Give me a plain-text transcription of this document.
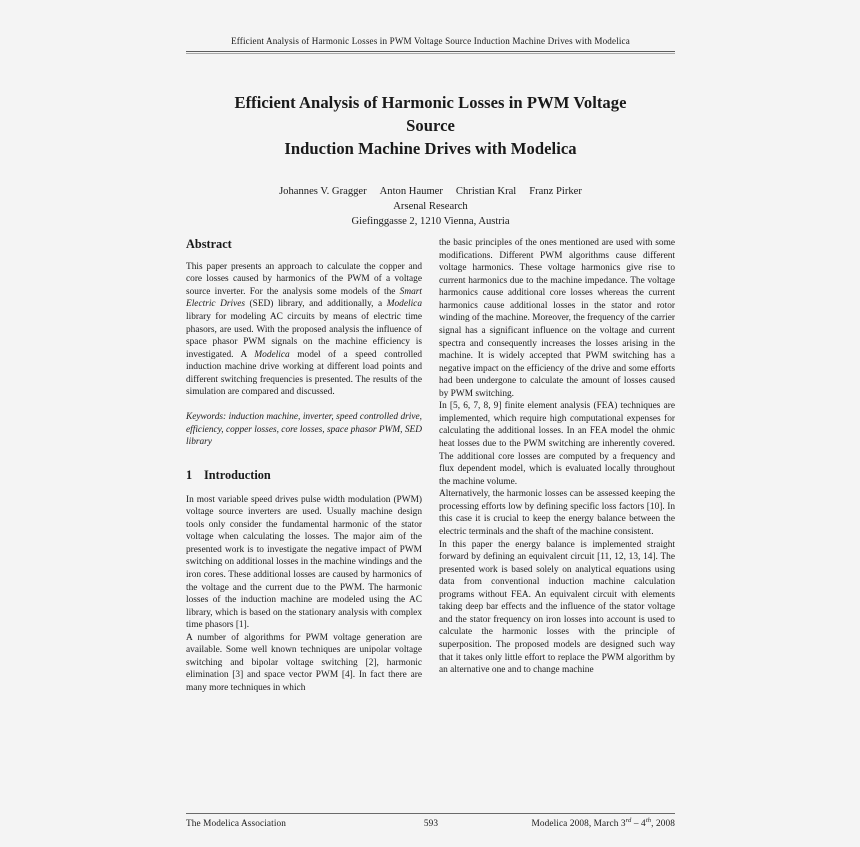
Efficient Analysis of Harmonic Losses in PWM Voltage Source Induction Machine Drives with Modelica
Efficient Analysis of Harmonic Losses in PWM Voltage Source
Induction Machine Drives with Modelica
Johannes V. Gragger Anton Haumer Christian Kral Franz Pirker
Arsenal Research
Giefinggasse 2, 1210 Vienna, Austria
Abstract

This paper presents an approach to calculate the copper and core losses caused by harmonics of the PWM of a voltage source inverter. For the analysis some models of the Smart Electric Drives (SED) library, and additionally, a Modelica library for modeling AC circuits by means of electric time phasors, are used. With the proposed analysis the influence of space phasor PWM signals on the machine efficiency is investigated. A Modelica model of a speed controlled induction machine drive working at different load points and different switching frequencies is presented. The results of the simulation are compared and discussed.

Keywords: induction machine, inverter, speed controlled drive, efficiency, copper losses, core losses, space phasor PWM, SED library

1 Introduction

In most variable speed drives pulse width modulation (PWM) voltage source inverters are used. Usually machine design tools only consider the fundamental harmonic of the stator voltage when calculating the losses. The major aim of the presented work is to investigate the negative impact of PWM switching on additional losses in the machine windings and the iron cores. These additional losses are caused by harmonics of the voltage and the current due to the PWM. The harmonic losses of the induction machine are modeled using the AC library, which is based on the stationary analysis with complex time phasors [1].

A number of algorithms for PWM voltage generation are available. Some well known techniques are unipolar voltage switching and bipolar voltage switching [2], harmonic elimination [3] and space vector PWM [4]. In fact there are many more techniques in which

the basic principles of the ones mentioned are used with some modifications. Different PWM algorithms cause different voltage harmonics. These voltage harmonics give rise to current harmonics due to the machine impedance. The voltage harmonics cause additional core losses whereas the current harmonics cause additional losses in the stator and rotor winding of the machine. Moreover, the frequency of the carrier signal has a significant influence on the voltage and current spectra and consequently increases the losses arising in the machine. It is widely accepted that PWM switching has a negative impact on the efficiency of the drive and some efforts had been undergone to calculate the amount of losses caused by PWM switching.

In [5, 6, 7, 8, 9] finite element analysis (FEA) techniques are implemented, which require high computational expenses for calculating the additional losses. In an FEA model the ohmic heat losses due to the PWM switching are inherently covered. The additional core losses are computed by a frequency and flux dependent model, which is evaluated locally throughout the machine volume.

Alternatively, the harmonic losses can be assessed keeping the processing efforts low by defining specific loss factors [10]. In this case it is crucial to keep the energy balance between the electric terminals and the shaft of the machine consistent.

In this paper the energy balance is implemented straight forward by defining an equivalent circuit [11, 12, 13, 14]. The presented work is based solely on analytical equations using data from conventional induction machine calculation programs without FEA. An equivalent circuit with elements taking deep bar effects and the influence of the stator voltage and the stator frequency on iron losses into account is used to calculate the harmonic losses with the principle of superposition. The proposed models are designed such way that it takes only little effort to replace the PWM algorithm by an alternative one and to change machine

The Modelica Association	593	Modelica 2008, March 3rd – 4th, 2008
